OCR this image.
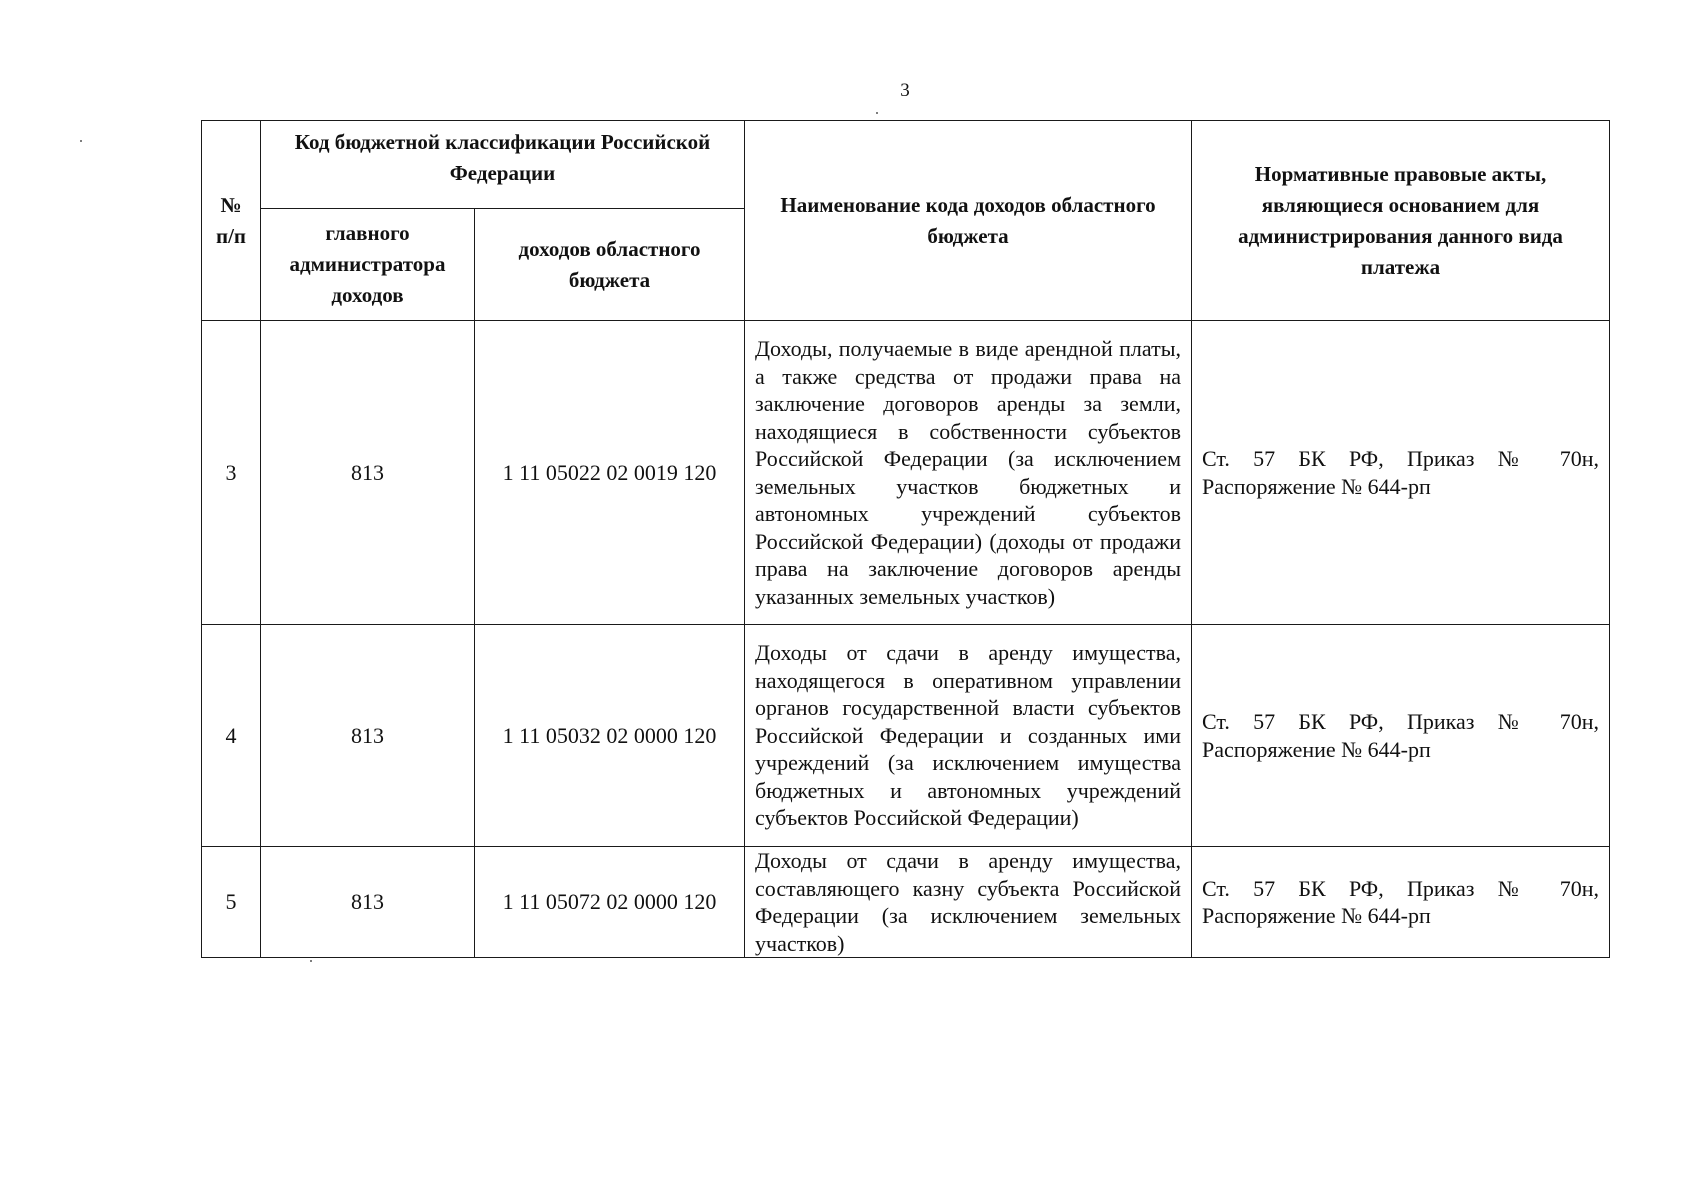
3
№ п/п	Код бюджетной классификации Российской Федерации		Наименование кода доходов областного бюджета	Нормативные правовые акты, являющиеся основанием для администрирования данного вида платежа
	главного администратора доходов	доходов областного бюджета		
3	813	1 11 05022 02 0019 120	Доходы, получаемые в виде арендной платы, а также средства от продажи права на заключение договоров аренды за земли, находящиеся в собственности субъектов Российской Федерации (за исключением земельных участков бюджетных и автономных учреждений субъектов Российской Федерации) (доходы от продажи права на заключение договоров аренды указанных земельных участков)	Ст. 57 БК РФ, Приказ № 70н, Распоряжение № 644-рп
4	813	1 11 05032 02 0000 120	Доходы от сдачи в аренду имущества, находящегося в оперативном управлении органов государственной власти субъектов Российской Федерации и созданных ими учреждений (за исключением имущества бюджетных и автономных учреждений субъектов Российской Федерации)	Ст. 57 БК РФ, Приказ № 70н, Распоряжение № 644-рп
5	813	1 11 05072 02 0000 120	Доходы от сдачи в аренду имущества, составляющего казну субъекта Российской Федерации (за исключением земельных участков)	Ст. 57 БК РФ, Приказ № 70н, Распоряжение № 644-рп
